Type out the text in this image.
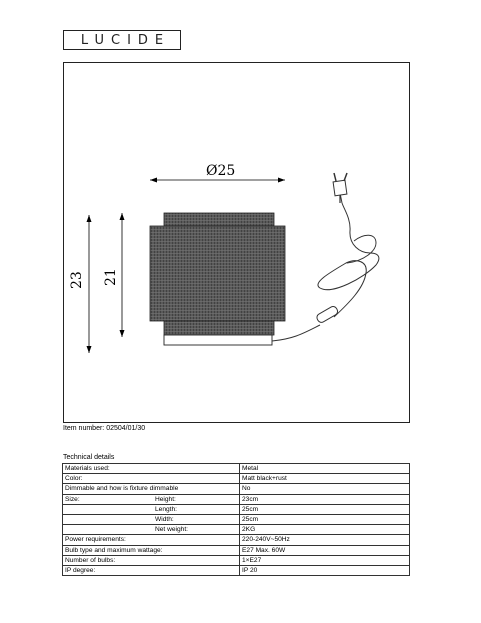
LUCIDE
Ø25
23 21
Item number: 02504/01/30
Technical details
Materials used:	Metal
Color:	Matt black+rust
Dimmable and how is fixture dimmable	No
Size: Height:	23cm
Length:	25cm
Width:	25cm
Net weight:	2KG
Power requirements:	220-240V~50Hz
Bulb type and maximum wattage:	E27 Max. 60W
Number of bulbs:	1×E27
IP degree:	IP 20
